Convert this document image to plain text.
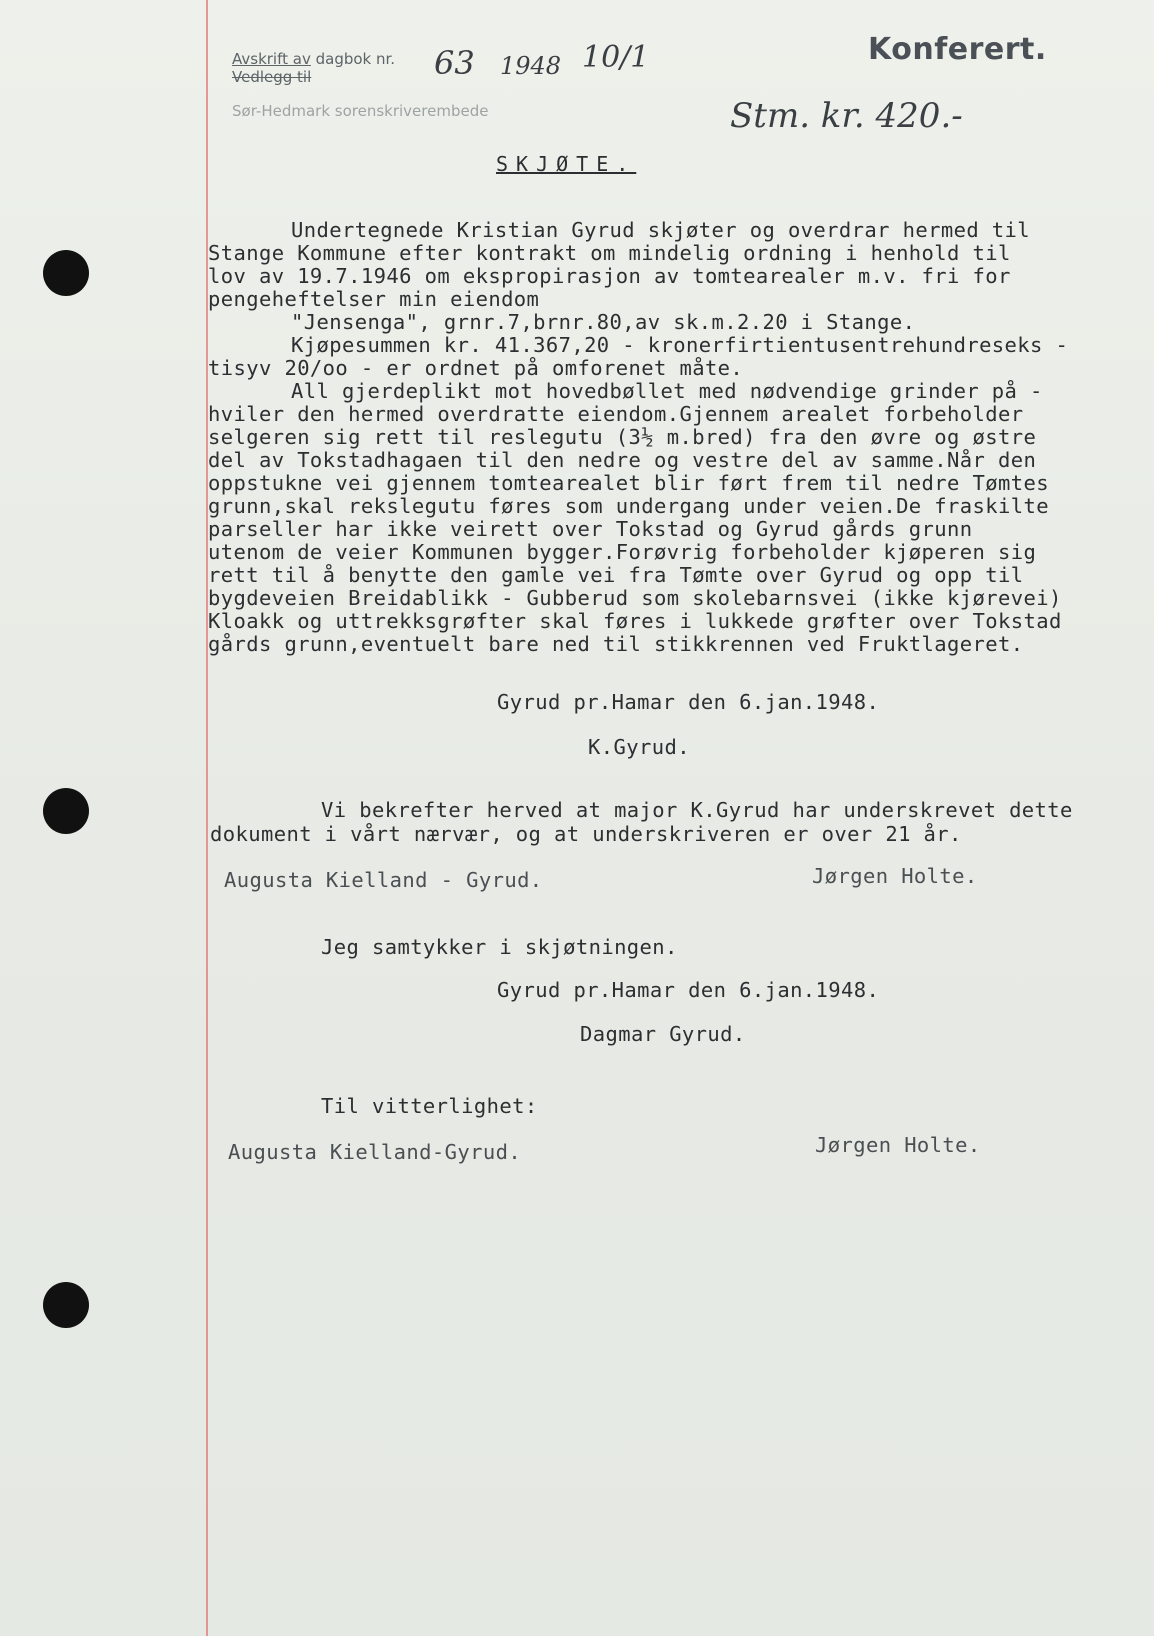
Avskrift av dagbok nr.
Vedlegg til
Sør-Hedmark sorenskriverembede
63 1948 10/1
Stm. kr. 420.-
Konferert.
SKJØTE.
Undertegnede Kristian Gyrud skjøter og overdrar hermed til
Stange Kommune efter kontrakt om mindelig ordning i henhold til
lov av 19.7.1946 om ekspropirasjon av tomtearealer m.v. fri for
pengeheftelser min eiendom
"Jensenga", grnr.7,brnr.80,av sk.m.2.20 i Stange.
Kjøpesummen kr. 41.367,20 - kronerfirtientusentrehundreseks -
tisyv 20/oo - er ordnet på omforenet måte.
All gjerdeplikt mot hovedbøllet med nødvendige grinder på -
hviler den hermed overdratte eiendom.Gjennem arealet forbeholder
selgeren sig rett til reslegutu (3½ m.bred) fra den øvre og østre
del av Tokstadhagaen til den nedre og vestre del av samme.Når den
oppstukne vei gjennem tomtearealet blir ført frem til nedre Tømtes
grunn,skal rekslegutu føres som undergang under veien.De fraskilte
parseller har ikke veirett over Tokstad og Gyrud gårds grunn
utenom de veier Kommunen bygger.Forøvrig forbeholder kjøperen sig
rett til å benytte den gamle vei fra Tømte over Gyrud og opp til
bygdeveien Breidablikk - Gubberud som skolebarnsvei (ikke kjørevei)
Kloakk og uttrekksgrøfter skal føres i lukkede grøfter over Tokstad
gårds grunn,eventuelt bare ned til stikkrennen ved Fruktlageret.
Gyrud pr.Hamar den 6.jan.1948.
K.Gyrud.
Vi bekrefter herved at major K.Gyrud har underskrevet dette
dokument i vårt nærvær, og at underskriveren er over 21 år.
Augusta Kielland - Gyrud.	Jørgen Holte.
Jeg samtykker i skjøtningen.
Gyrud pr.Hamar den 6.jan.1948.
Dagmar Gyrud.
Til vitterlighet:
Augusta Kielland-Gyrud.	Jørgen Holte.
